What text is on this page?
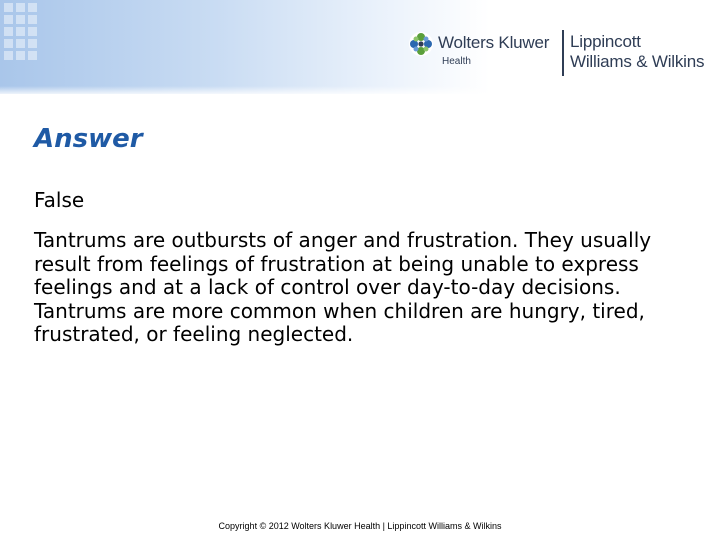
Wolters Kluwer
Health
Lippincott
Williams & Wilkins
Answer

False

Tantrums are outbursts of anger and frustration. They usually result from feelings of frustration at being unable to express feelings and at a lack of control over day-to-day decisions. Tantrums are more common when children are hungry, tired, frustrated, or feeling neglected.

Copyright © 2012 Wolters Kluwer Health | Lippincott Williams & Wilkins
